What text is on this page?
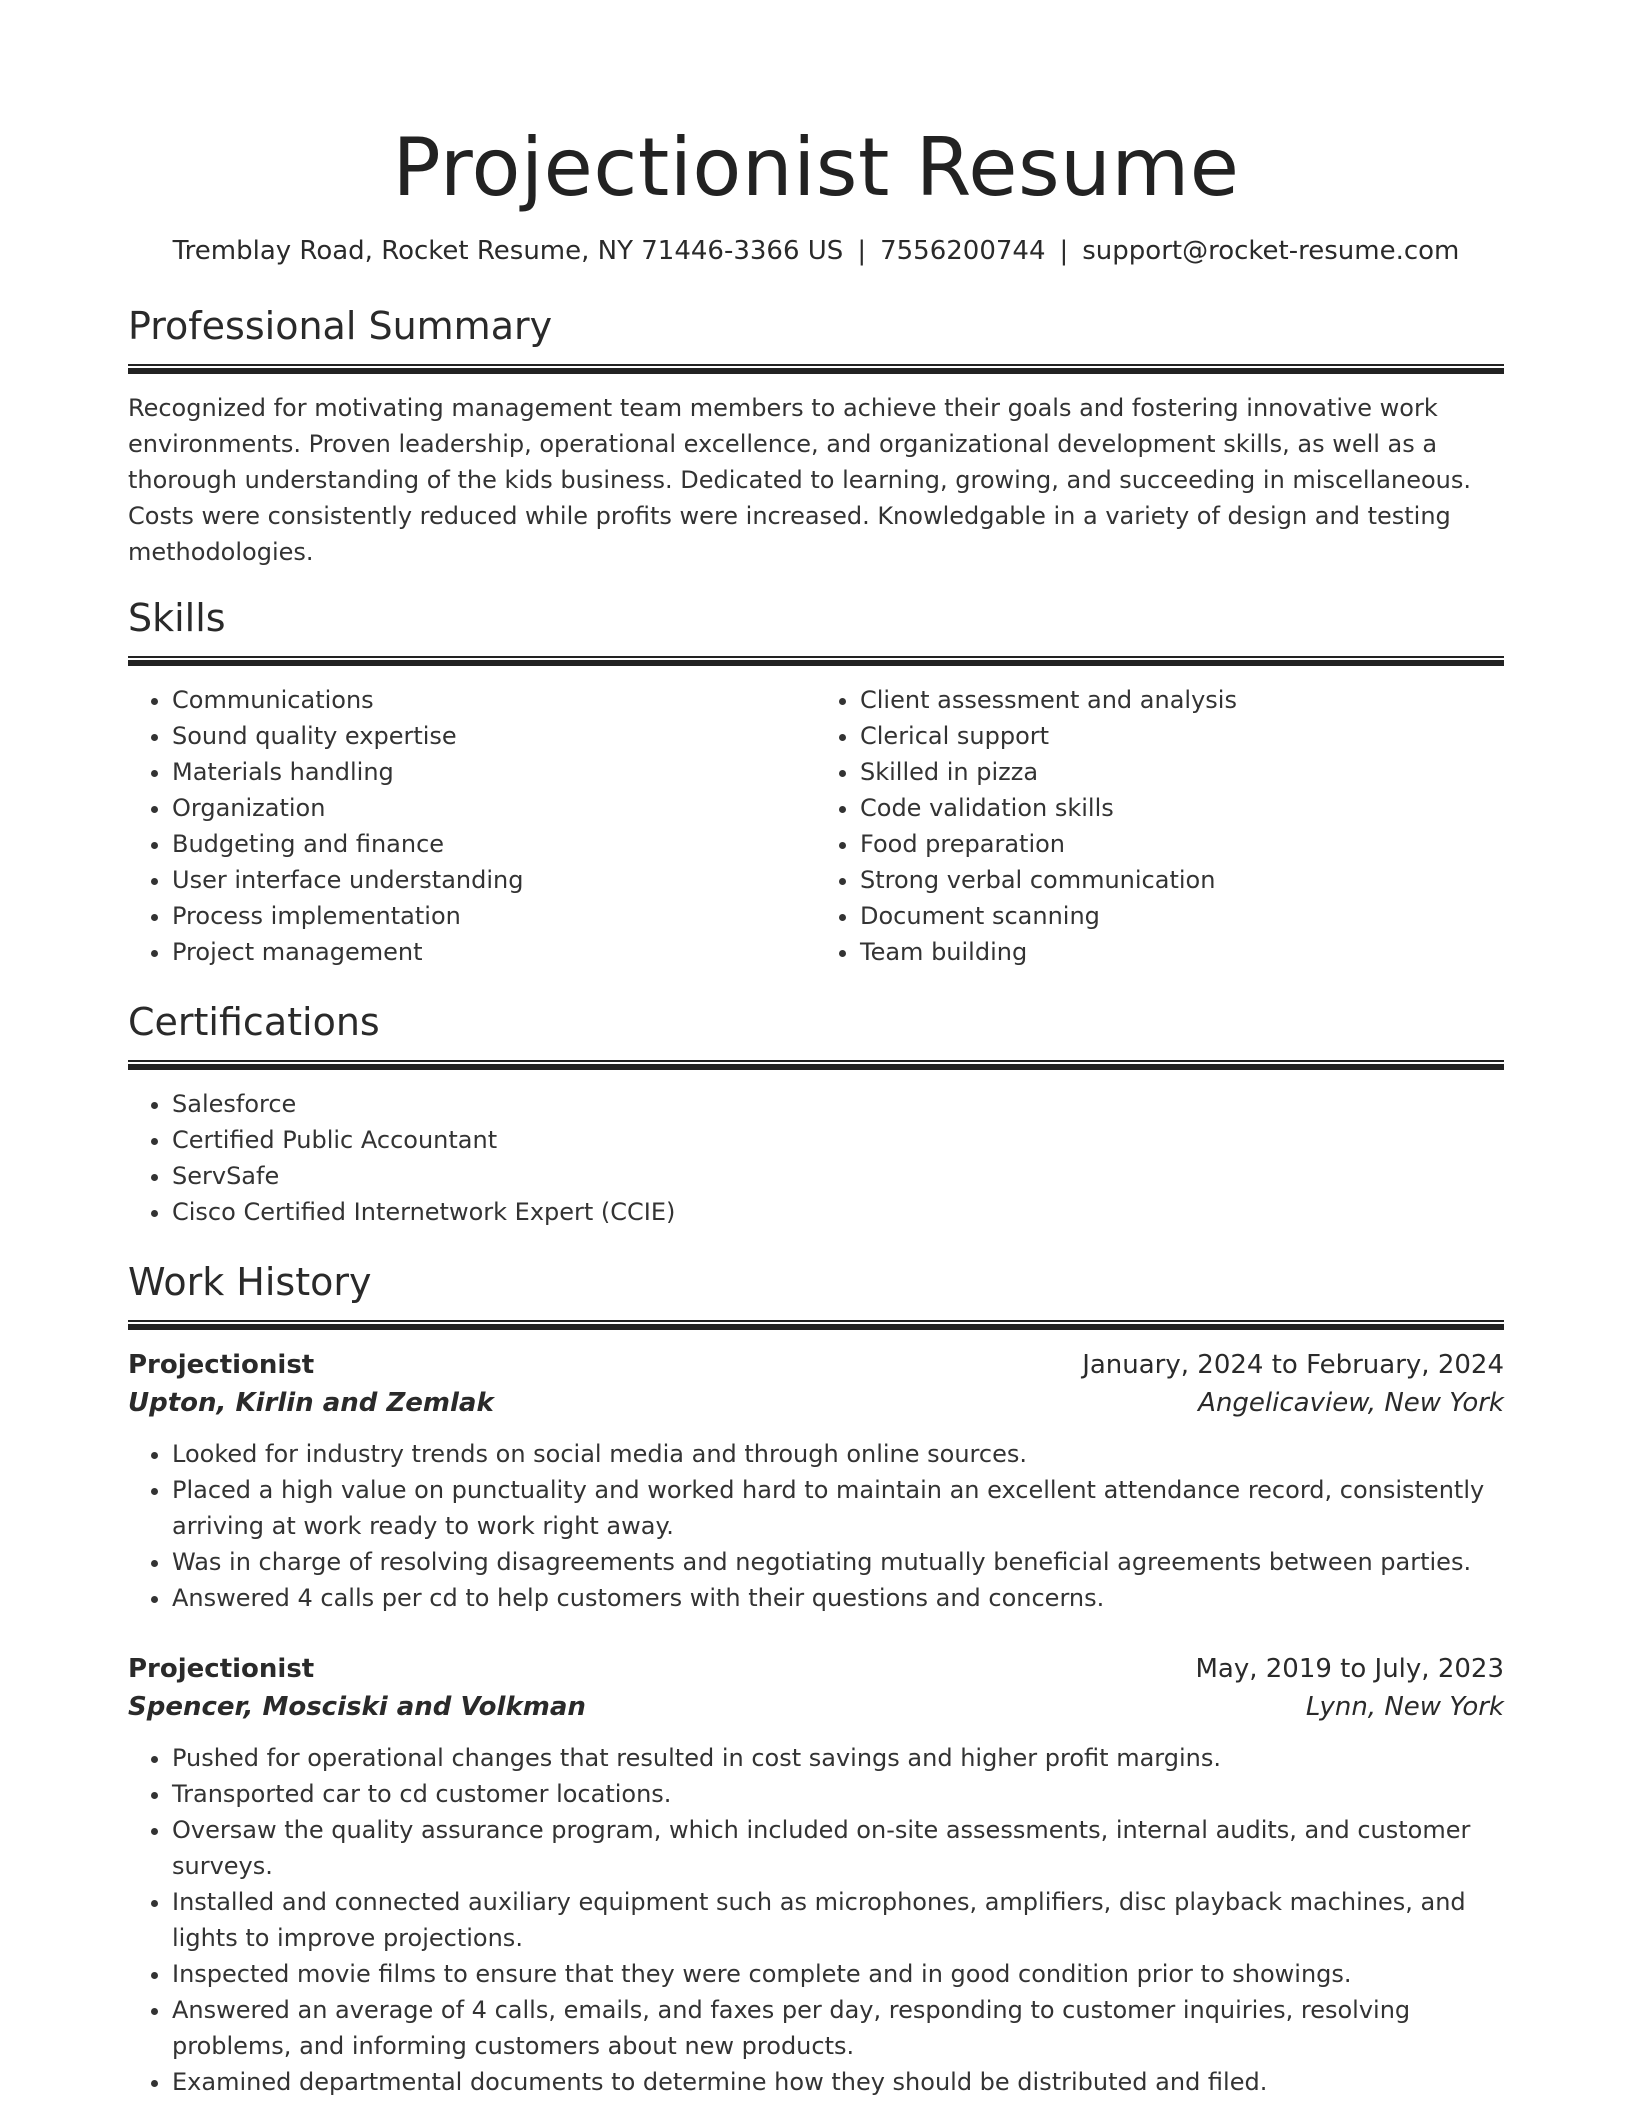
Projectionist Resume
Tremblay Road, Rocket Resume, NY 71446-3366 US | 7556200744 | support@rocket-resume.com
Professional Summary
Recognized for motivating management team members to achieve their goals and fostering innovative work environments. Proven leadership, operational excellence, and organizational development skills, as well as a thorough understanding of the kids business. Dedicated to learning, growing, and succeeding in miscellaneous. Costs were consistently reduced while profits were increased. Knowledgable in a variety of design and testing methodologies.
Skills
• Communications
• Sound quality expertise
• Materials handling
• Organization
• Budgeting and finance
• User interface understanding
• Process implementation
• Project management
• Client assessment and analysis
• Clerical support
• Skilled in pizza
• Code validation skills
• Food preparation
• Strong verbal communication
• Document scanning
• Team building
Certifications
• Salesforce
• Certified Public Accountant
• ServSafe
• Cisco Certified Internetwork Expert (CCIE)
Work History
Projectionist	January, 2024 to February, 2024
Upton, Kirlin and Zemlak	Angelicaview, New York
• Looked for industry trends on social media and through online sources.
• Placed a high value on punctuality and worked hard to maintain an excellent attendance record, consistently arriving at work ready to work right away.
• Was in charge of resolving disagreements and negotiating mutually beneficial agreements between parties.
• Answered 4 calls per cd to help customers with their questions and concerns.
Projectionist	May, 2019 to July, 2023
Spencer, Mosciski and Volkman	Lynn, New York
• Pushed for operational changes that resulted in cost savings and higher profit margins.
• Transported car to cd customer locations.
• Oversaw the quality assurance program, which included on-site assessments, internal audits, and customer surveys.
• Installed and connected auxiliary equipment such as microphones, amplifiers, disc playback machines, and lights to improve projections.
• Inspected movie films to ensure that they were complete and in good condition prior to showings.
• Answered an average of 4 calls, emails, and faxes per day, responding to customer inquiries, resolving problems, and informing customers about new products.
• Examined departmental documents to determine how they should be distributed and filed.
